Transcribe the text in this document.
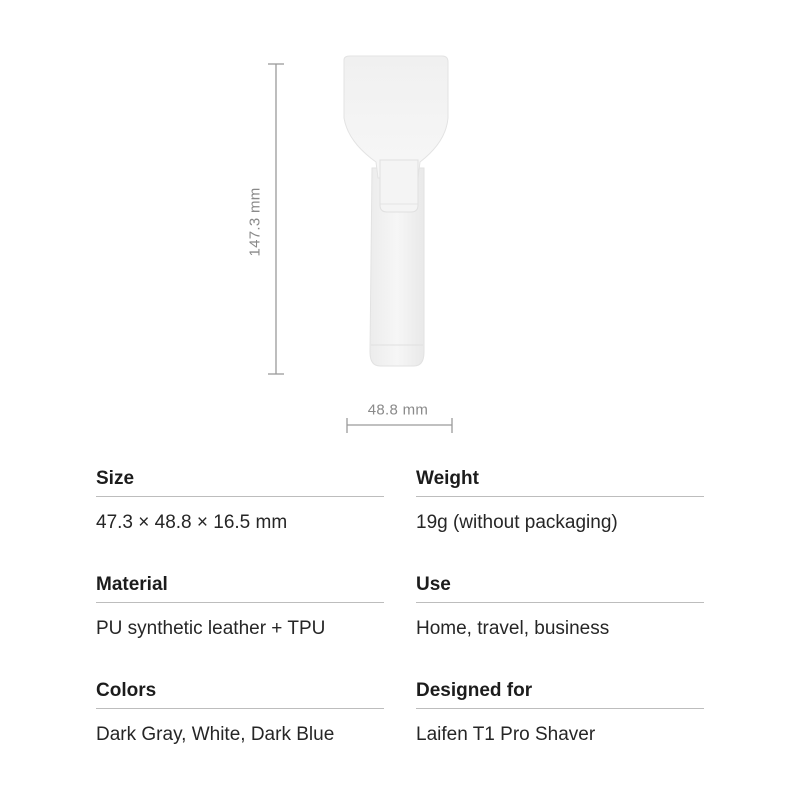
147.3 mm
48.8 mm
Size
47.3 × 48.8 × 16.5 mm
Weight
19g (without packaging)
Material
PU synthetic leather + TPU
Use
Home, travel, business
Colors
Dark Gray, White, Dark Blue
Designed for
Laifen T1 Pro Shaver
